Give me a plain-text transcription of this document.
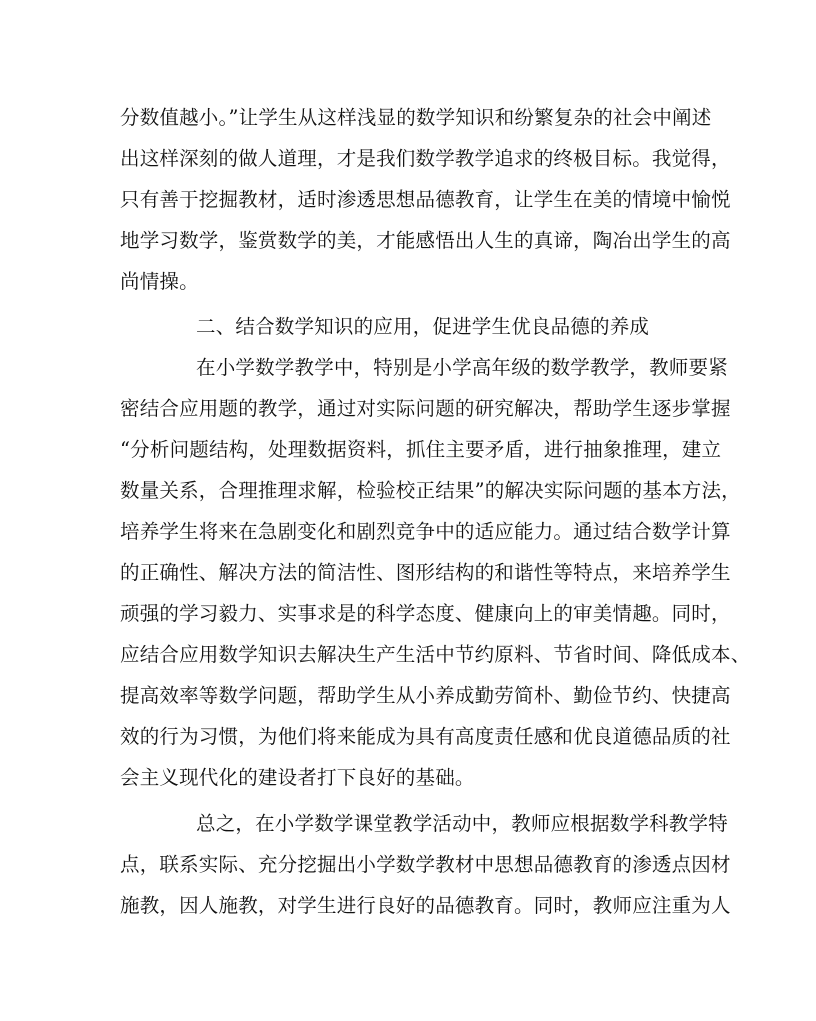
分数值越小。”让学生从这样浅显的数学知识和纷繁复杂的社会中阐述
出这样深刻的做人道理，才是我们数学教学追求的终极目标。我觉得，
只有善于挖掘教材，适时渗透思想品德教育，让学生在美的情境中愉悦
地学习数学，鉴赏数学的美，才能感悟出人生的真谛，陶冶出学生的高
尚情操。
二、结合数学知识的应用，促进学生优良品德的养成
在小学数学教学中，特别是小学高年级的数学教学，教师要紧
密结合应用题的教学，通过对实际问题的研究解决，帮助学生逐步掌握
“分析问题结构，处理数据资料，抓住主要矛盾，进行抽象推理，建立
数量关系，合理推理求解，检验校正结果”的解决实际问题的基本方法，
培养学生将来在急剧变化和剧烈竞争中的适应能力。通过结合数学计算
的正确性、解决方法的简洁性、图形结构的和谐性等特点，来培养学生
顽强的学习毅力、实事求是的科学态度、健康向上的审美情趣。同时，
应结合应用数学知识去解决生产生活中节约原料、节省时间、降低成本、
提高效率等数学问题，帮助学生从小养成勤劳简朴、勤俭节约、快捷高
效的行为习惯，为他们将来能成为具有高度责任感和优良道德品质的社
会主义现代化的建设者打下良好的基础。
总之，在小学数学课堂教学活动中，教师应根据数学科教学特
点，联系实际、充分挖掘出小学数学教材中思想品德教育的渗透点因材
施教，因人施教，对学生进行良好的品德教育。同时，教师应注重为人
